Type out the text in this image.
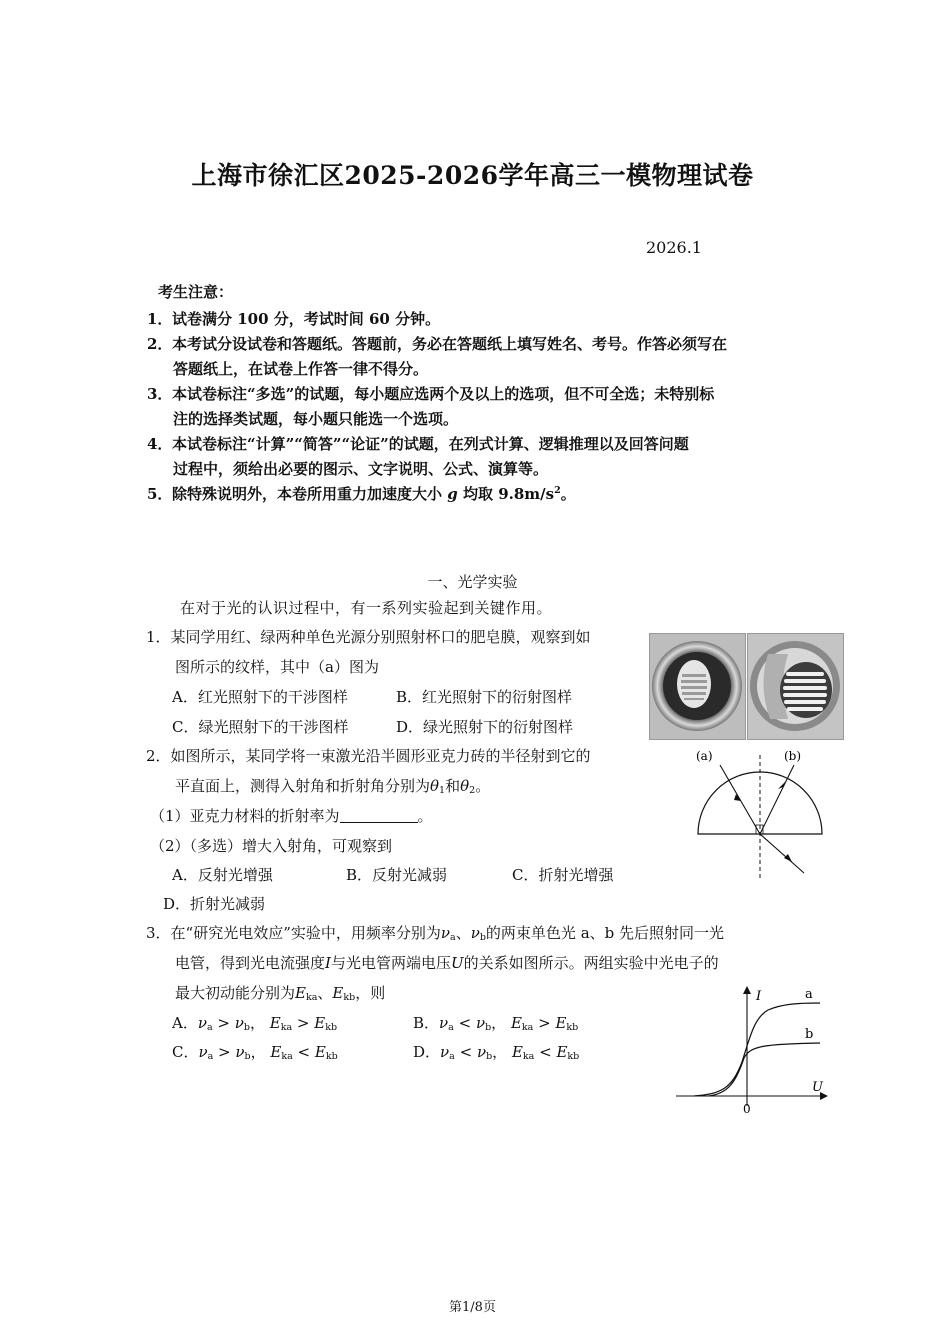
上海市徐汇区2025-2026学年高三一模物理试卷
2026.1
考生注意：
1．试卷满分 100 分，考试时间 60 分钟。
2．本考试分设试卷和答题纸。答题前，务必在答题纸上填写姓名、考号。作答必须写在
答题纸上，在试卷上作答一律不得分。
3．本试卷标注“多选”的试题，每小题应选两个及以上的选项，但不可全选；未特别标
注的选择类试题，每小题只能选一个选项。
4．本试卷标注“计算”“简答”“论证”的试题，在列式计算、逻辑推理以及回答问题
过程中，须给出必要的图示、文字说明、公式、演算等。
5．除特殊说明外，本卷所用重力加速度大小 g 均取 $9.8m/s^2$。
一、光学实验
在对于光的认识过程中，有一系列实验起到关键作用。
1．某同学用红、绿两种单色光源分别照射杯口的肥皂膜，观察到如
图所示的纹样，其中（a）图为
A．红光照射下的干涉图样	B．红光照射下的衍射图样
C．绿光照射下的干涉图样	D．绿光照射下的衍射图样
2．如图所示，某同学将一束激光沿半圆形亚克力砖的半径射到它的
平直面上，测得入射角和折射角分别为$\theta_1$和$\theta_2$。
（1）亚克力材料的折射率为	。
（2）（多选）增大入射角，可观察到
A．反射光增强	B．反射光减弱	C．折射光增强
D．折射光减弱
(a)	(b)
3．在“研究光电效应”实验中，用频率分别为$\nu_a$、$\nu_b$的两束单色光 a、b 先后照射同一光
电管，得到光电流强度I与光电管两端电压U的关系如图所示。两组实验中光电子的
最大初动能分别为$E_{ka}$、$E_{kb}$，则
A．$\nu_a > \nu_b$， $E_{ka} > E_{kb}$	B．$\nu_a < \nu_b$， $E_{ka} > E_{kb}$
C．$\nu_a > \nu_b$， $E_{ka} < E_{kb}$	D．$\nu_a < \nu_b$， $E_{ka} < E_{kb}$
I
U
0
a
b
第1/8页
